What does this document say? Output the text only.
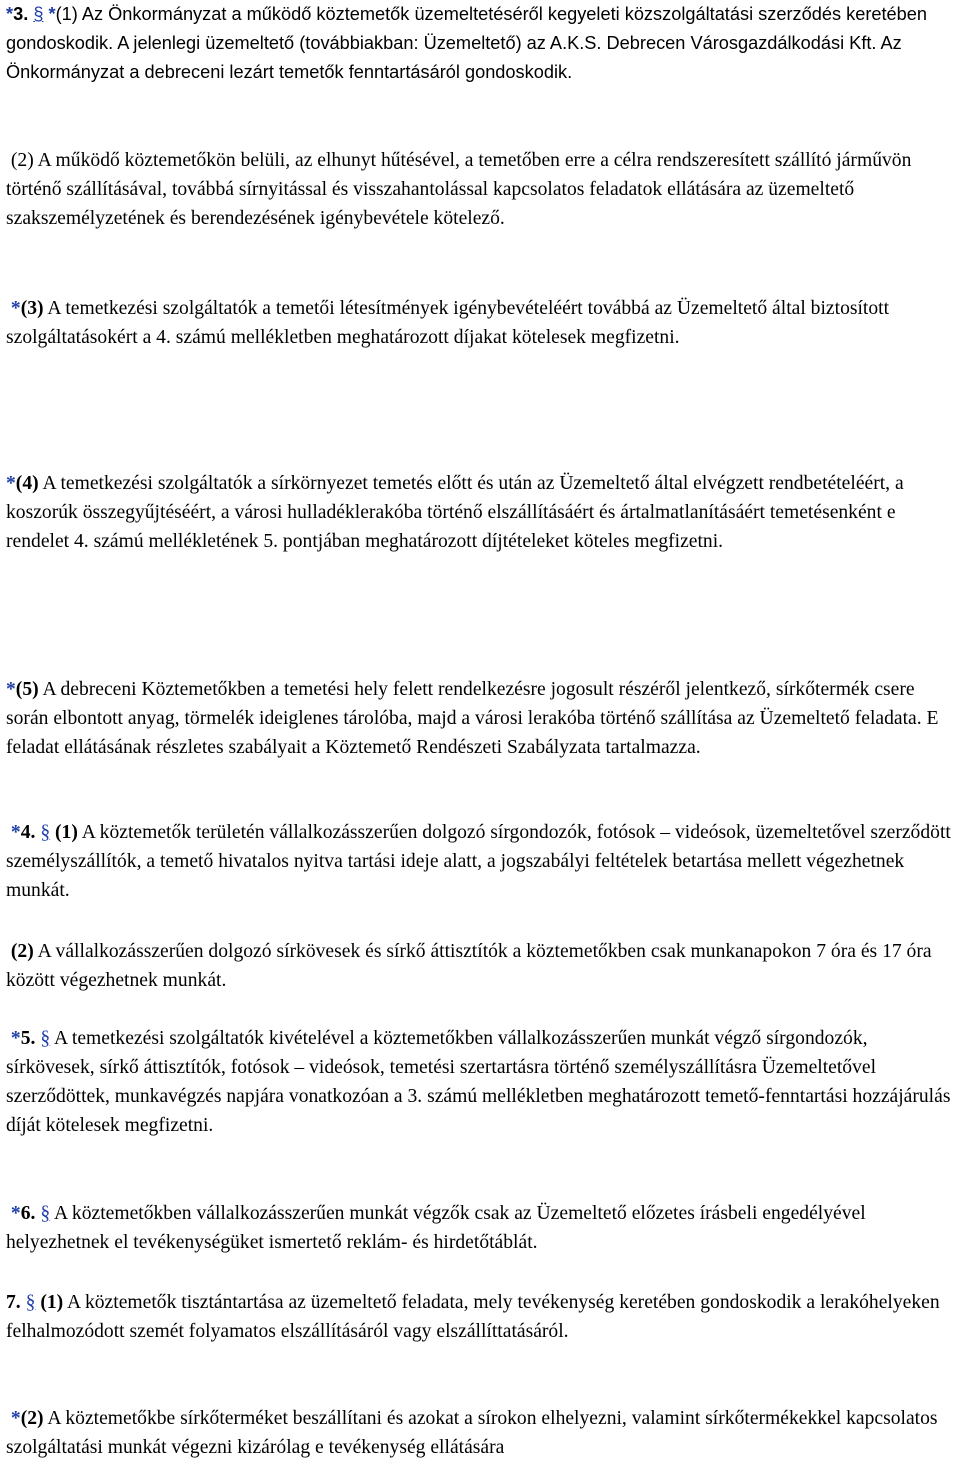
*3. § *(1) Az Önkormányzat a működő köztemetők üzemeltetéséről kegyeleti közszolgáltatási szerződés keretében gondoskodik. A jelenlegi üzemeltető (továbbiakban: Üzemeltető) az A.K.S. Debrecen Városgazdálkodási Kft. Az Önkormányzat a debreceni lezárt temetők fenntartásáról gondoskodik.

(2) A működő köztemetőkön belüli, az elhunyt hűtésével, a temetőben erre a célra rendszeresített szállító járművön történő szállításával, továbbá sírnyitással és visszahantolással kapcsolatos feladatok ellátására az üzemeltető szakszemélyzetének és berendezésének igénybevétele kötelező.

*(3) A temetkezési szolgáltatók a temetői létesítmények igénybevételéért továbbá az Üzemeltető által biztosított szolgáltatásokért a 4. számú mellékletben meghatározott díjakat kötelesek megfizetni.

*(4) A temetkezési szolgáltatók a sírkörnyezet temetés előtt és után az Üzemeltető által elvégzett rendbetételéért, a koszorúk összegyűjtéséért, a városi hulladéklerakóba történő elszállításáért és ártalmatlanításáért temetésenként e rendelet 4. számú mellékletének 5. pontjában meghatározott díjtételeket köteles megfizetni.

*(5) A debreceni Köztemetőkben a temetési hely felett rendelkezésre jogosult részéről jelentkező, sírkőtermék csere során elbontott anyag, törmelék ideiglenes tárolóba, majd a városi lerakóba történő szállítása az Üzemeltető feladata. E feladat ellátásának részletes szabályait a Köztemető Rendészeti Szabályzata tartalmazza.

*4. § (1) A köztemetők területén vállalkozásszerűen dolgozó sírgondozók, fotósok – videósok, üzemeltetővel szerződött személyszállítók, a temető hivatalos nyitva tartási ideje alatt, a jogszabályi feltételek betartása mellett végezhetnek munkát.

(2) A vállalkozásszerűen dolgozó sírkövesek és sírkő áttisztítók a köztemetőkben csak munkanapokon 7 óra és 17 óra között végezhetnek munkát.

*5. § A temetkezési szolgáltatók kivételével a köztemetőkben vállalkozásszerűen munkát végző sírgondozók, sírkövesek, sírkő áttisztítók, fotósok – videósok, temetési szertartásra történő személyszállításra Üzemeltetővel szerződöttek, munkavégzés napjára vonatkozóan a 3. számú mellékletben meghatározott temető-fenntartási hozzájárulás díját kötelesek megfizetni.

*6. § A köztemetőkben vállalkozásszerűen munkát végzők csak az Üzemeltető előzetes írásbeli engedélyével helyezhetnek el tevékenységüket ismertető reklám- és hirdetőtáblát.

7. § (1) A köztemetők tisztántartása az üzemeltető feladata, mely tevékenység keretében gondoskodik a lerakóhelyeken felhalmozódott szemét folyamatos elszállításáról vagy elszállíttatásáról.

*(2) A köztemetőkbe sírkőterméket beszállítani és azokat a sírokon elhelyezni, valamint sírkőtermékekkel kapcsolatos szolgáltatási munkát végezni kizárólag e tevékenység ellátására
